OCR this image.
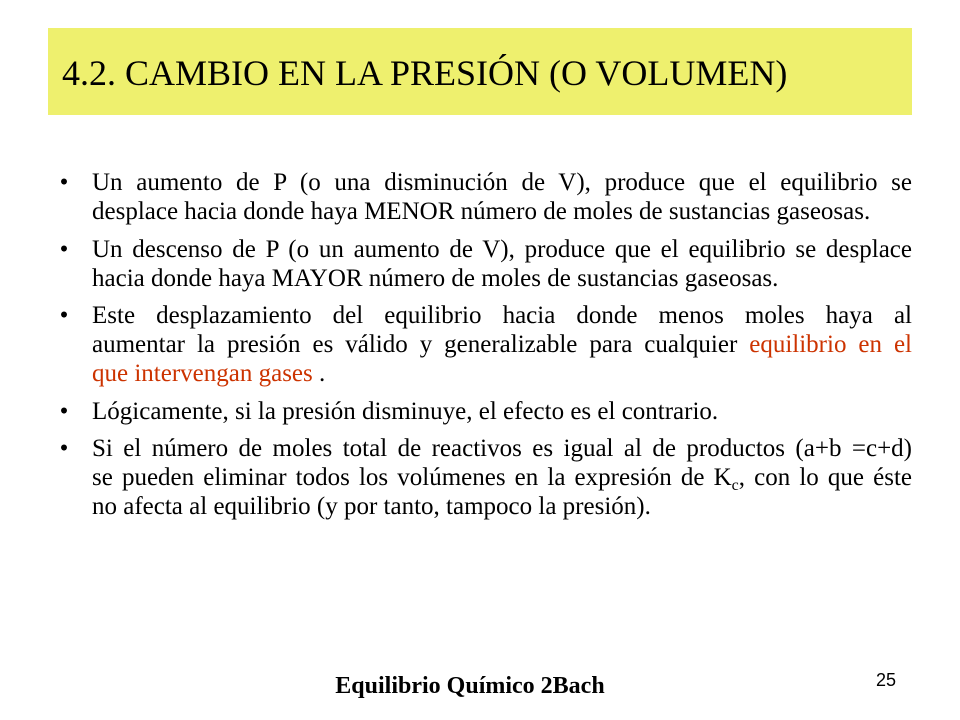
4.2. CAMBIO EN LA PRESIÓN (O VOLUMEN)
• Un aumento de P (o una disminución de V), produce que el equilibrio se
desplace hacia donde haya MENOR número de moles de sustancias gaseosas.
• Un descenso de P (o un aumento de V), produce que el equilibrio se desplace
hacia donde haya MAYOR número de moles de sustancias gaseosas.
• Este desplazamiento del equilibrio hacia donde menos moles haya al
aumentar la presión es válido y generalizable para cualquier equilibrio en el
que intervengan gases .
• Lógicamente, si la presión disminuye, el efecto es el contrario.
• Si el número de moles total de reactivos es igual al de productos (a+b =c+d)
se pueden eliminar todos los volúmenes en la expresión de $K_c$, con lo que éste
no afecta al equilibrio (y por tanto, tampoco la presión).
Equilibrio Químico 2Bach	25
